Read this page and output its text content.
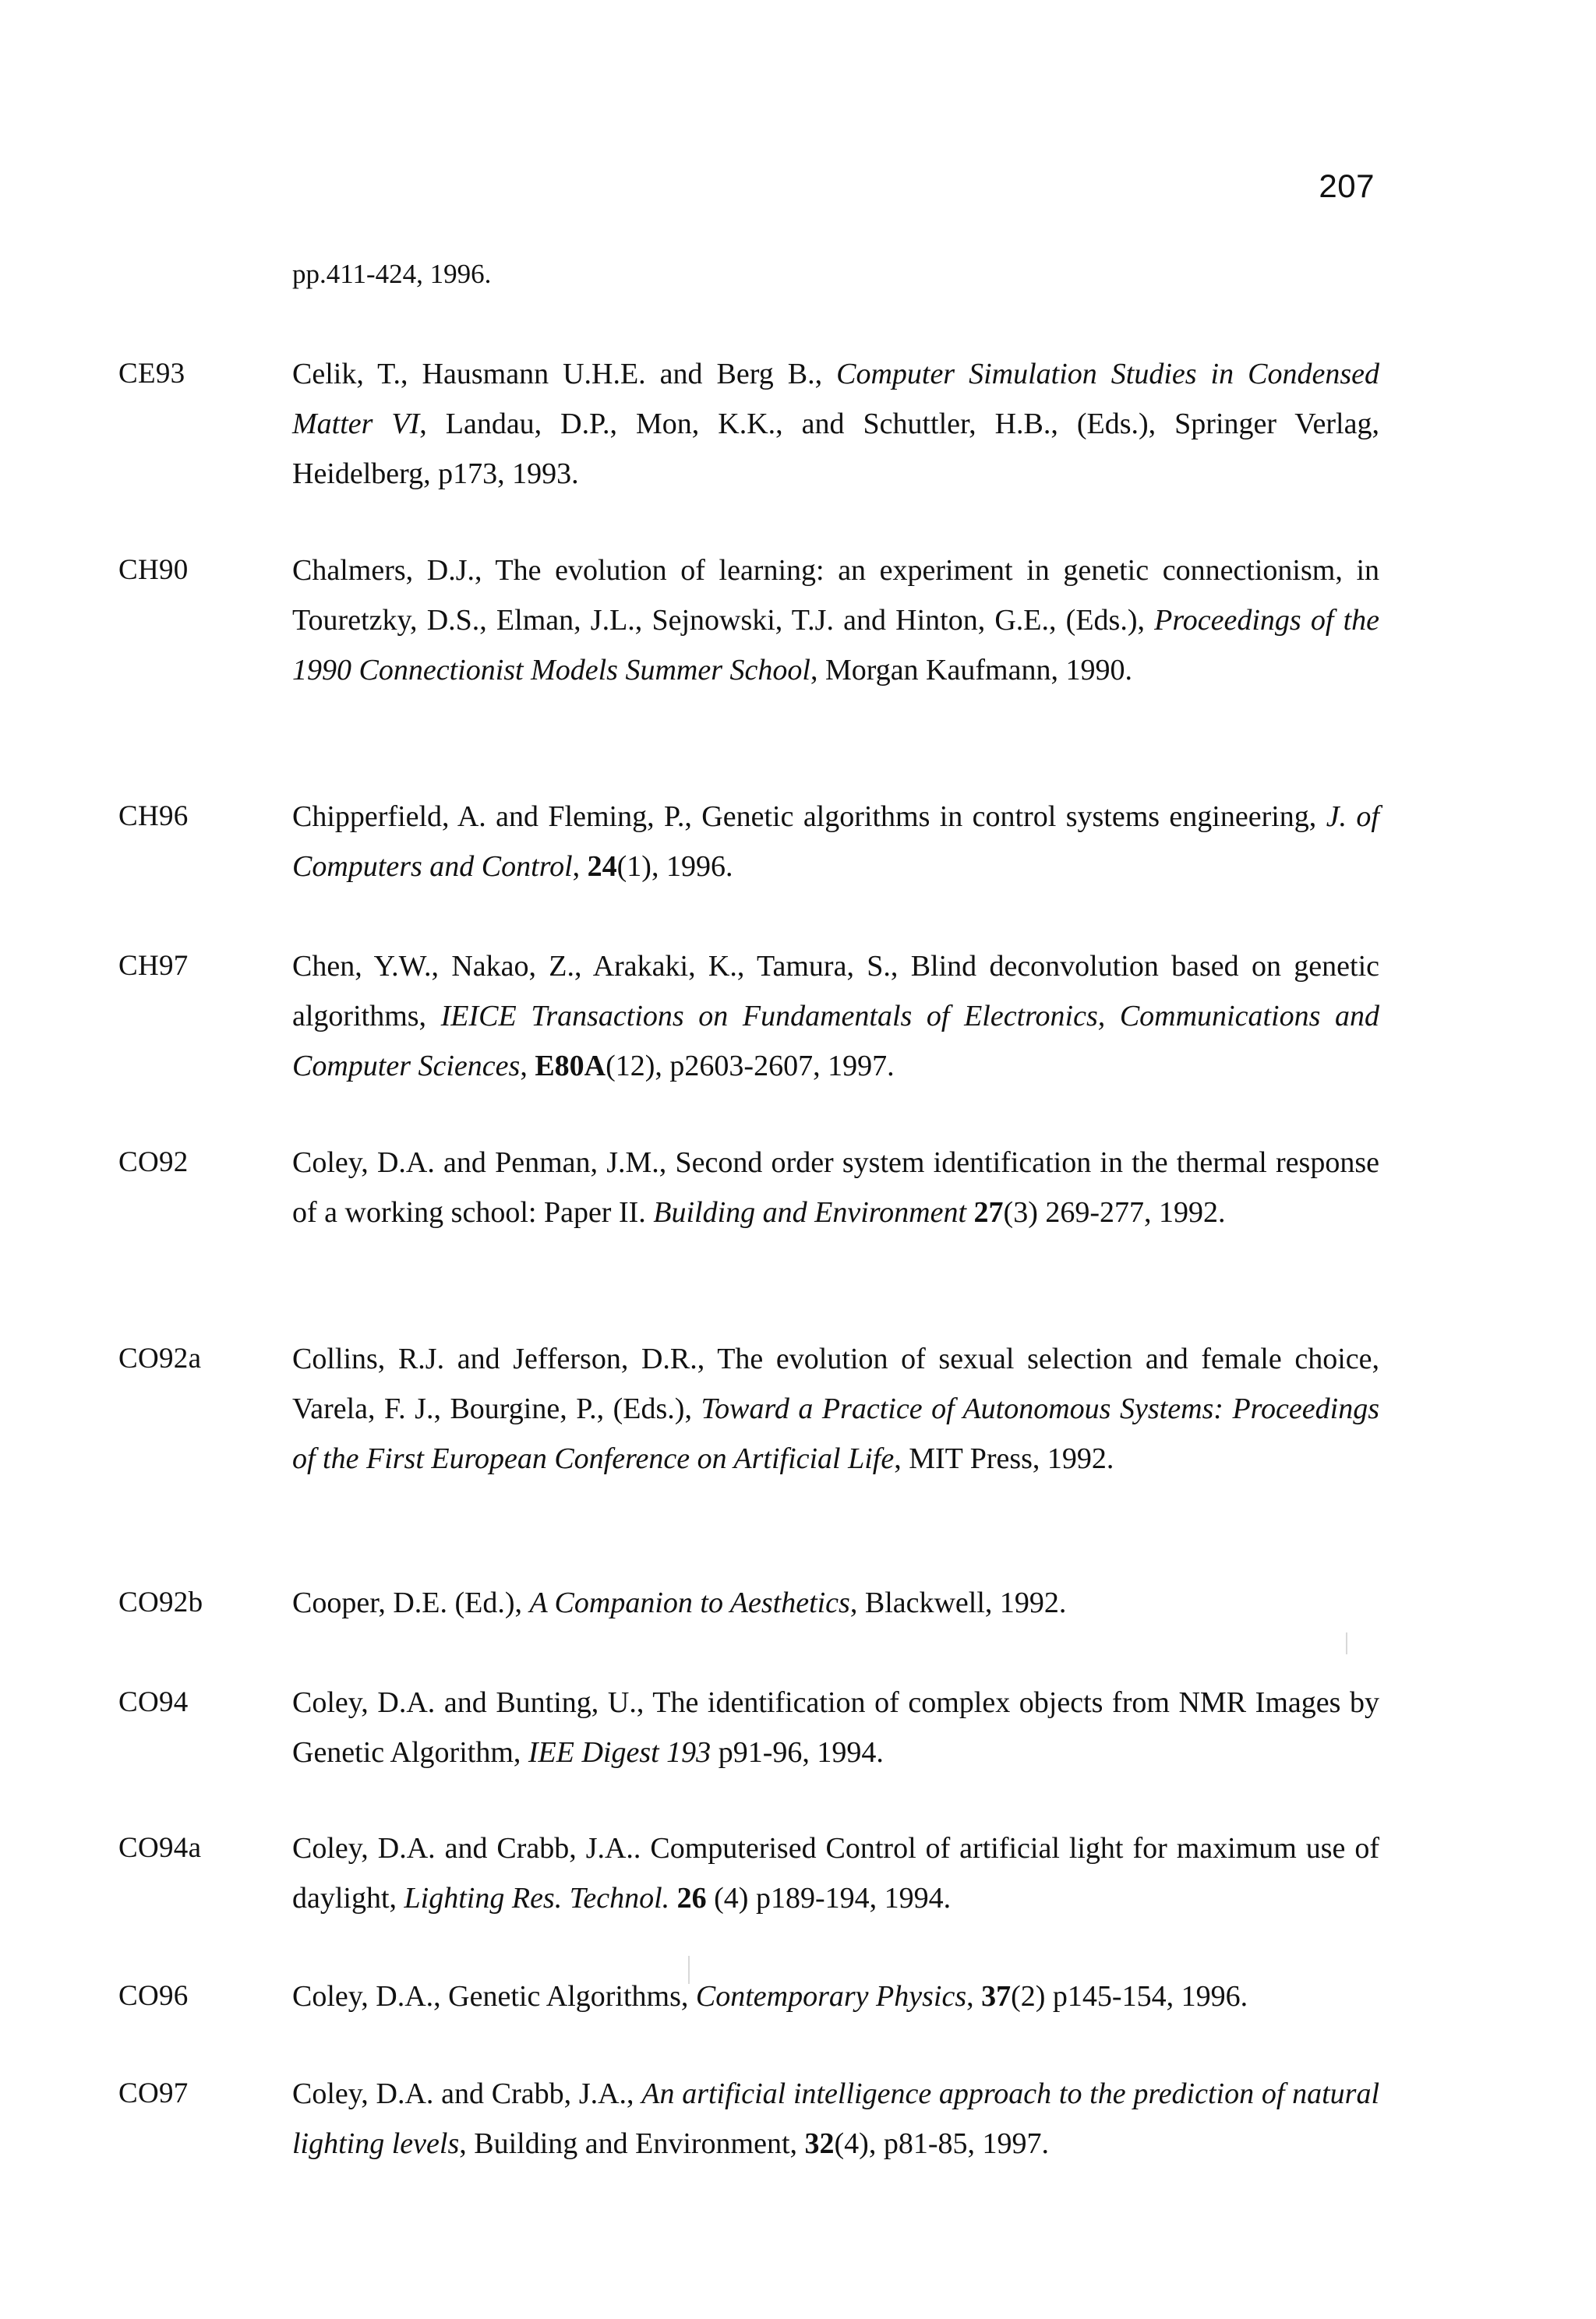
207
pp.411-424, 1996.
CE93	Celik, T., Hausmann U.H.E. and Berg B., Computer Simulation Studies in Condensed Matter VI, Landau, D.P., Mon, K.K., and Schuttler, H.B., (Eds.), Springer Verlag, Heidelberg, p173, 1993.
CH90	Chalmers, D.J., The evolution of learning: an experiment in genetic connectionism, in Touretzky, D.S., Elman, J.L., Sejnowski, T.J. and Hinton, G.E., (Eds.), Proceedings of the 1990 Connectionist Models Summer School, Morgan Kaufmann, 1990.
CH96	Chipperfield, A. and Fleming, P., Genetic algorithms in control systems engineering, J. of Computers and Control, 24(1), 1996.
CH97	Chen, Y.W., Nakao, Z., Arakaki, K., Tamura, S., Blind deconvolution based on genetic algorithms, IEICE Transactions on Fundamentals of Electronics, Communications and Computer Sciences, E80A(12), p2603-2607, 1997.
CO92	Coley, D.A. and Penman, J.M., Second order system identification in the thermal response of a working school: Paper II. Building and Environment 27(3) 269-277, 1992.
CO92a	Collins, R.J. and Jefferson, D.R., The evolution of sexual selection and female choice, Varela, F. J., Bourgine, P., (Eds.), Toward a Practice of Autonomous Systems: Proceedings of the First European Conference on Artificial Life, MIT Press, 1992.
CO92b	Cooper, D.E. (Ed.), A Companion to Aesthetics, Blackwell, 1992.
CO94	Coley, D.A. and Bunting, U., The identification of complex objects from NMR Images by Genetic Algorithm, IEE Digest 193 p91-96, 1994.
CO94a	Coley, D.A. and Crabb, J.A.. Computerised Control of artificial light for maximum use of daylight, Lighting Res. Technol. 26 (4) p189-194, 1994.
CO96	Coley, D.A., Genetic Algorithms, Contemporary Physics, 37(2) p145-154, 1996.
CO97	Coley, D.A. and Crabb, J.A., An artificial intelligence approach to the prediction of natural lighting levels, Building and Environment, 32(4), p81-85, 1997.
